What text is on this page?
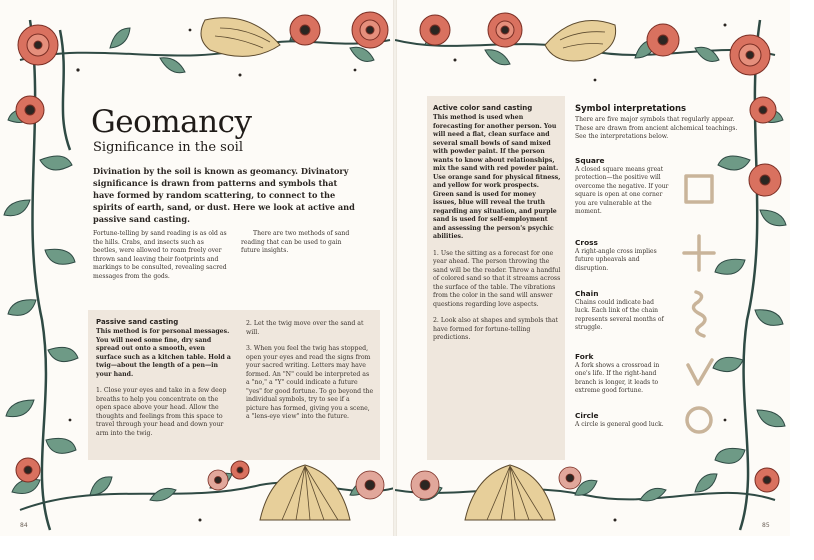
Geomancy
Significance in the soil
Divination by the soil is known as geomancy. Divinatory significance is drawn from patterns and symbols that have formed by random scattering, to connect to the spirits of earth, sand, or dust. Here we look at active and passive sand casting.
Fortune-telling by sand reading is as old as the hills. Crabs, and insects such as beetles, were allowed to roam freely over thrown sand leaving their footprints and markings to be consulted, revealing sacred messages from the gods.
There are two methods of sand reading that can be used to gain future insights.
Passive sand casting
This method is for personal messages. You will need some fine, dry sand spread out onto a smooth, even surface such as a kitchen table. Hold a twig—about the length of a pen—in your hand.
1. Close your eyes and take in a few deep breaths to help you concentrate on the open space above your head. Allow the thoughts and feelings from this space to travel through your head and down your arm into the twig.
2. Let the twig move over the sand at will.
3. When you feel the twig has stopped, open your eyes and read the signs from your sacred writing. Letters may have formed. An "N" could be interpreted as a "no," a "Y" could indicate a future "yes" for good fortune. To go beyond the individual symbols, try to see if a picture has formed, giving you a scene, a "lens-eye view" into the future.
84	85
Active color sand casting
This method is used when forecasting for another person. You will need a flat, clean surface and several small bowls of sand mixed with powder paint. If the person wants to know about relationships, mix the sand with red powder paint. Use orange sand for physical fitness, and yellow for work prospects. Green sand is used for money issues, blue will reveal the truth regarding any situation, and purple sand is used for self-employment and assessing the person's psychic abilities.
1. Use the sitting as a forecast for one year ahead. The person throwing the sand will be the reader. Throw a handful of colored sand so that it streams across the surface of the table. The vibrations from the color in the sand will answer questions regarding love aspects.
2. Look also at shapes and symbols that have formed for fortune-telling predictions.
Symbol interpretations
There are five major symbols that regularly appear. These are drawn from ancient alchemical teachings. See the interpretations below.
Square
A closed square means great protection—the positive will overcome the negative. If your square is open at one corner you are vulnerable at the moment.
Cross
A right-angle cross implies future upheavals and disruption.
Chain
Chains could indicate bad luck. Each link of the chain represents several months of struggle.
Fork
A fork shows a crossroad in one's life. If the right-hand branch is longer, it leads to extreme good fortune.
Circle
A circle is general good luck.
